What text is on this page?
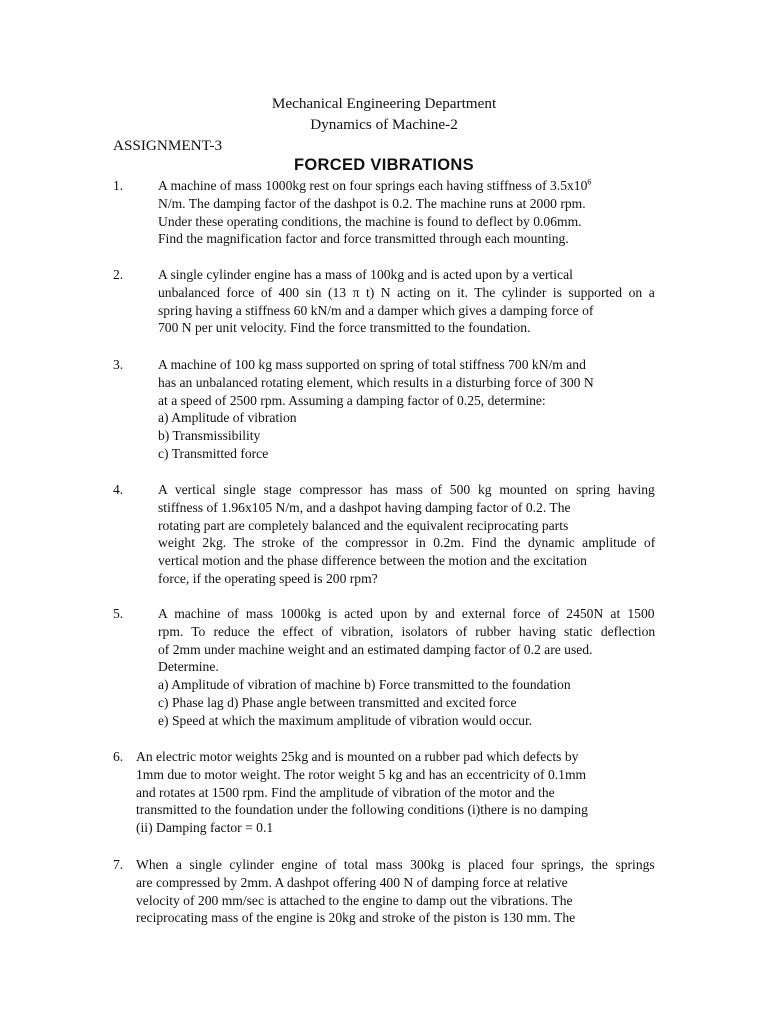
Mechanical Engineering Department
Dynamics of Machine-2
ASSIGNMENT-3
FORCED VIBRATIONS
1.	A machine of mass 1000kg rest on four springs each having stiffness of $3.5x10^6$
N/m. The damping factor of the dashpot is 0.2. The machine runs at 2000 rpm.
Under these operating conditions, the machine is found to deflect by 0.06mm.
Find the magnification factor and force transmitted through each mounting.
2.	A single cylinder engine has a mass of 100kg and is acted upon by a vertical
unbalanced force of 400 sin (13 π t) N acting on it. The cylinder is supported on a
spring having a stiffness 60 kN/m and a damper which gives a damping force of
700 N per unit velocity. Find the force transmitted to the foundation.
3.	A machine of 100 kg mass supported on spring of total stiffness 700 kN/m and
has an unbalanced rotating element, which results in a disturbing force of 300 N
at a speed of 2500 rpm. Assuming a damping factor of 0.25, determine:
a) Amplitude of vibration
b) Transmissibility
c) Transmitted force
4.	A vertical single stage compressor has mass of 500 kg mounted on spring having
stiffness of 1.96x105 N/m, and a dashpot having damping factor of 0.2. The
rotating part are completely balanced and the equivalent reciprocating parts
weight 2kg. The stroke of the compressor in 0.2m. Find the dynamic amplitude of
vertical motion and the phase difference between the motion and the excitation
force, if the operating speed is 200 rpm?
5.	A machine of mass 1000kg is acted upon by and external force of 2450N at 1500
rpm. To reduce the effect of vibration, isolators of rubber having static deflection
of 2mm under machine weight and an estimated damping factor of 0.2 are used.
Determine.
a) Amplitude of vibration of machine b) Force transmitted to the foundation
c) Phase lag d) Phase angle between transmitted and excited force
e) Speed at which the maximum amplitude of vibration would occur.
6. An electric motor weights 25kg and is mounted on a rubber pad which defects by
1mm due to motor weight. The rotor weight 5 kg and has an eccentricity of 0.1mm
and rotates at 1500 rpm. Find the amplitude of vibration of the motor and the
transmitted to the foundation under the following conditions (i)there is no damping
(ii) Damping factor = 0.1
7. When a single cylinder engine of total mass 300kg is placed four springs, the springs
are compressed by 2mm. A dashpot offering 400 N of damping force at relative
velocity of 200 mm/sec is attached to the engine to damp out the vibrations. The
reciprocating mass of the engine is 20kg and stroke of the piston is 130 mm. The
